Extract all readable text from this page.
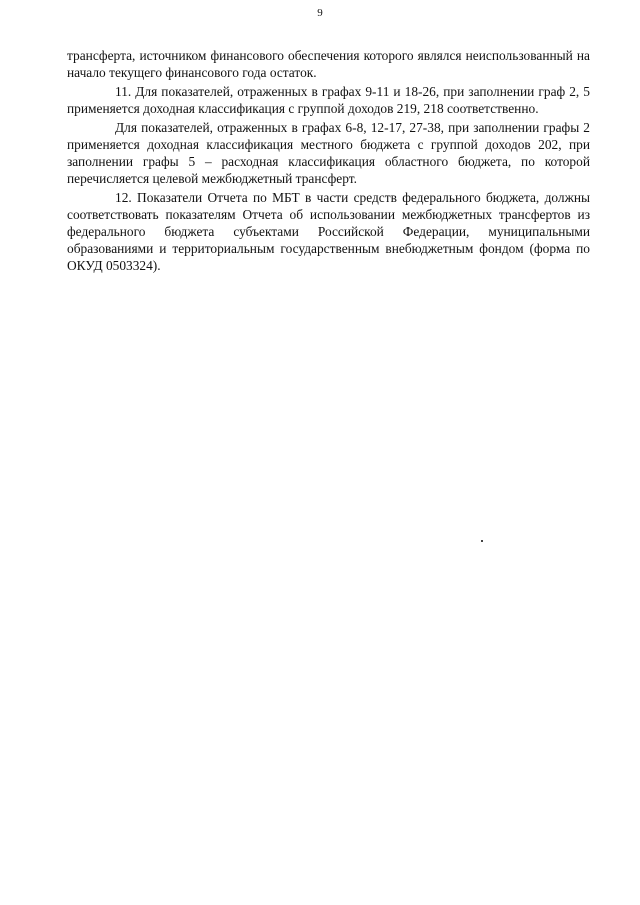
9

трансферта, источником финансового обеспечения которого являлся неиспользованный на начало текущего финансового года остаток.

11. Для показателей, отраженных в графах 9-11 и 18-26, при заполнении граф 2, 5 применяется доходная классификация с группой доходов 219, 218 соответственно.

Для показателей, отраженных в графах 6-8, 12-17, 27-38, при заполнении графы 2 применяется доходная классификация местного бюджета с группой доходов 202, при заполнении графы 5 – расходная классификация областного бюджета, по которой перечисляется целевой межбюджетный трансферт.

12. Показатели Отчета по МБТ в части средств федерального бюджета, должны соответствовать показателям Отчета об использовании межбюджетных трансфертов из федерального бюджета субъектами Российской Федерации, муниципальными образованиями и территориальным государственным внебюджетным фондом (форма по ОКУД 0503324).
